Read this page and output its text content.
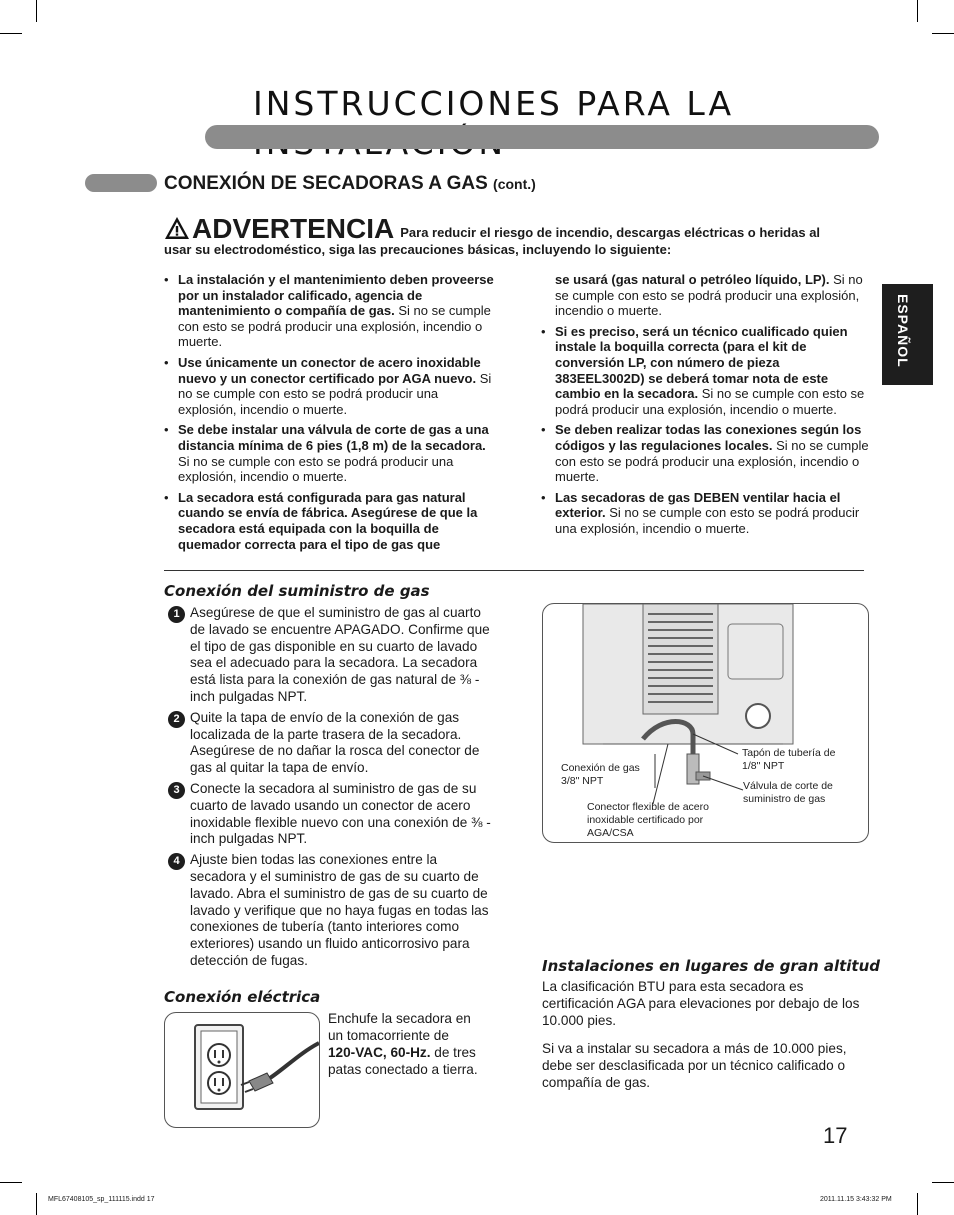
INSTRUCCIONES PARA LA
CONEXIÓN DE SECADORAS A GAS (cont.)
ESPAÑOL
ADVERTENCIA Para reducir el riesgo de incendio, descargas eléctricas o heridas al usar su electrodoméstico, siga las precauciones básicas, incluyendo lo siguiente:
• La instalación y el mantenimiento deben proveerse por un instalador calificado, agencia de mantenimiento o compañía de gas. Si no se cumple con esto se podrá producir una explosión, incendio o muerte.
• Use únicamente un conector de acero inoxidable nuevo y un conector certificado por AGA nuevo. Si no se cumple con esto se podrá producir una explosión, incendio o muerte.
• Se debe instalar una válvula de corte de gas a una distancia mínima de 6 pies (1,8 m) de la secadora. Si no se cumple con esto se podrá producir una explosión, incendio o muerte.
• La secadora está configurada para gas natural cuando se envía de fábrica. Asegúrese de que la secadora está equipada con la boquilla de quemador correcta para el tipo de gas que
se usará (gas natural o petróleo líquido, LP). Si no se cumple con esto se podrá producir una explosión, incendio o muerte.
• Si es preciso, será un técnico cualificado quien instale la boquilla correcta (para el kit de conversión LP, con número de pieza 383EEL3002D) se deberá tomar nota de este cambio en la secadora. Si no se cumple con esto se podrá producir una explosión, incendio o muerte.
• Se deben realizar todas las conexiones según los códigos y las regulaciones locales. Si no se cumple con esto se podrá producir una explosión, incendio o muerte.
• Las secadoras de gas DEBEN ventilar hacia el exterior. Si no se cumple con esto se podrá producir una explosión, incendio o muerte.
Conexión del suministro de gas
1 Asegúrese de que el suministro de gas al cuarto de lavado se encuentre APAGADO. Confirme que el tipo de gas disponible en su cuarto de lavado sea el adecuado para la secadora. La secadora está lista para la conexión de gas natural de ⅜ - inch pulgadas NPT.
2 Quite la tapa de envío de la conexión de gas localizada de la parte trasera de la secadora. Asegúrese de no dañar la rosca del conector de gas al quitar la tapa de envío.
3 Conecte la secadora al suministro de gas de su cuarto de lavado usando un conector de acero inoxidable flexible nuevo con una conexión de ⅜ - inch pulgadas NPT.
4 Ajuste bien todas las conexiones entre la secadora y el suministro de gas de su cuarto de lavado. Abra el suministro de gas de su cuarto de lavado y verifique que no haya fugas en todas las conexiones de tubería (tanto interiores como exteriores) usando un fluido anticorrosivo para detección de fugas.
Conexión de gas 3/8" NPT
Tapón de tubería de 1/8" NPT
Válvula de corte de suministro de gas
Conector flexible de acero inoxidable certificado por AGA/CSA
Conexión eléctrica
Enchufe la secadora en un tomacorriente de 120-VAC, 60-Hz. de tres patas conectado a tierra.
Instalaciones en lugares de gran altitud

La clasificación BTU para esta secadora es certificación AGA para elevaciones por debajo de los 10.000 pies.

Si va a instalar su secadora a más de 10.000 pies, debe ser desclasificada por un técnico calificado o compañía de gas.

17
MFL67408105_sp_111115.indd 17	2011.11.15 3:43:32 PM
